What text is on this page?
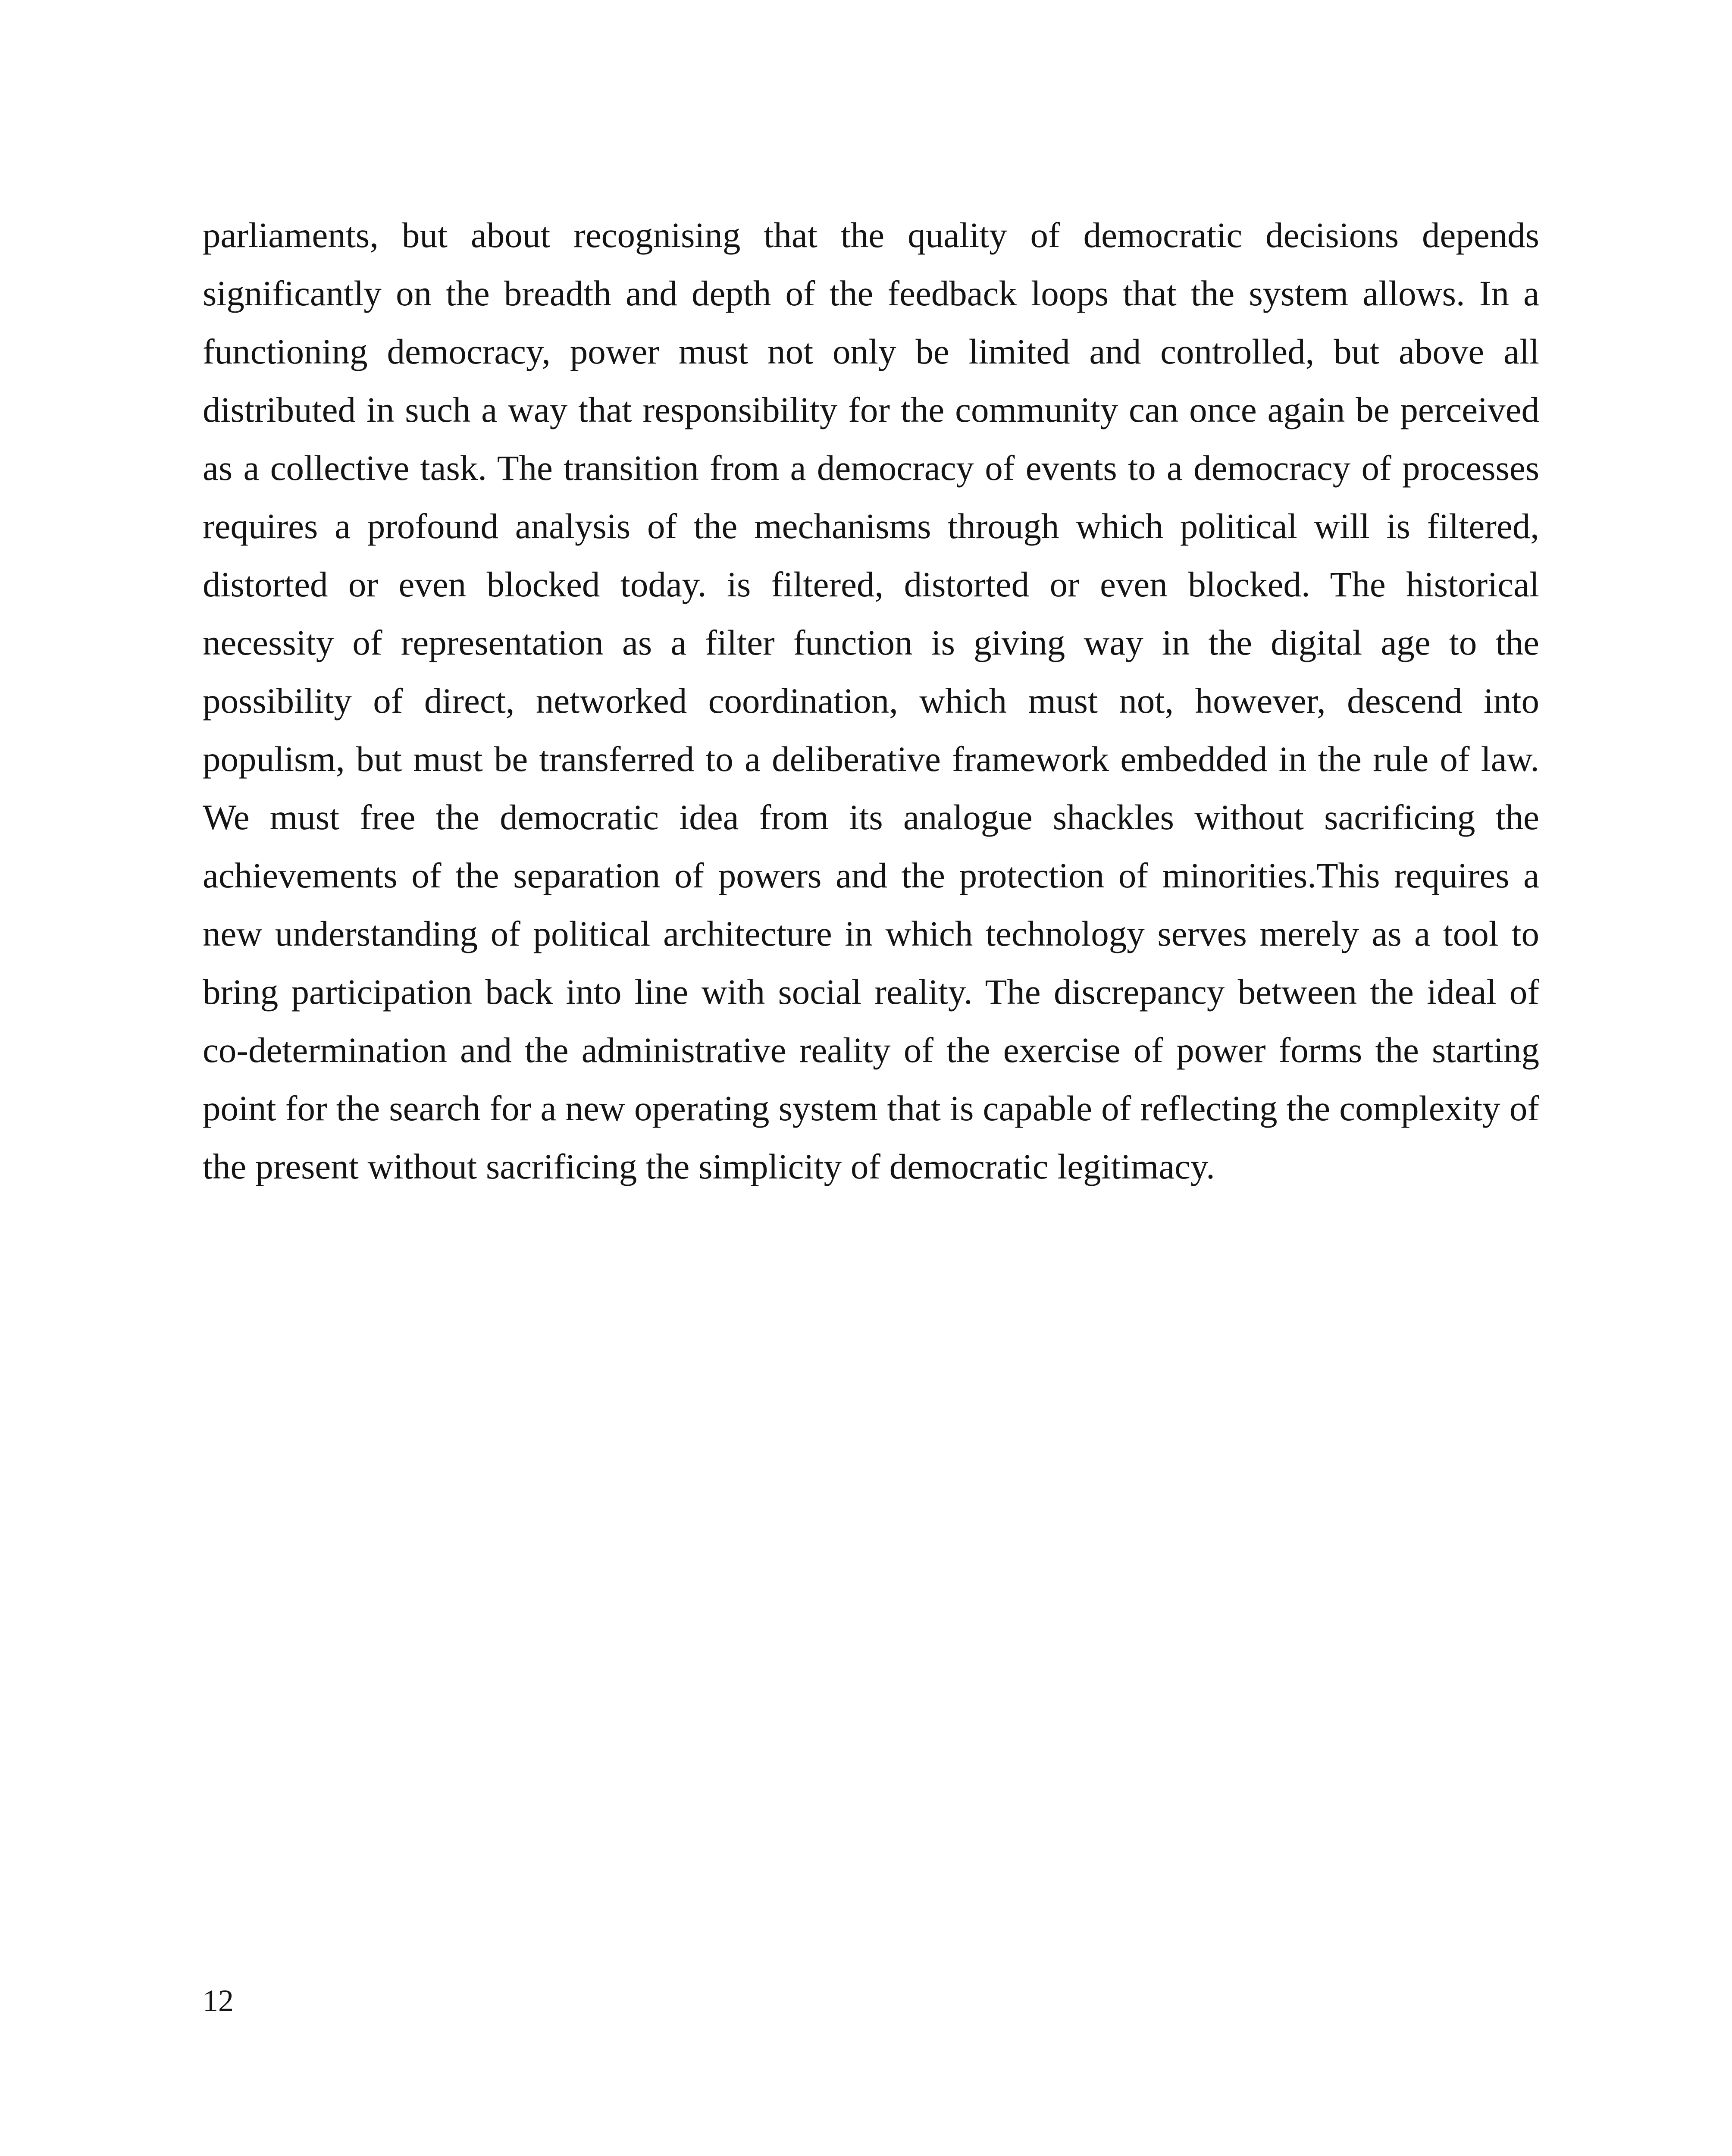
parliaments, but about recognising that the quality of democratic decisions depends significantly on the breadth and depth of the feedback loops that the system allows. In a functioning democracy, power must not only be limited and controlled, but above all distributed in such a way that responsibility for the community can once again be perceived as a collective task. The transition from a democracy of events to a democracy of processes requires a profound analysis of the mechanisms through which political will is filtered, distorted or even blocked today. is filtered, distorted or even blocked. The historical necessity of representation as a filter function is giving way in the digital age to the possibility of direct, networked coordination, which must not, however, descend into populism, but must be transferred to a deliberative framework embedded in the rule of law. We must free the democratic idea from its analogue shackles without sacrificing the achievements of the separation of powers and the protection of minorities.This requires a new understanding of political architecture in which technology serves merely as a tool to bring participation back into line with social reality. The discrepancy between the ideal of co-determination and the administrative reality of the exercise of power forms the starting point for the search for a new operating system that is capable of reflecting the complexity of the present without sacrificing the simplicity of democratic legitimacy.

12
